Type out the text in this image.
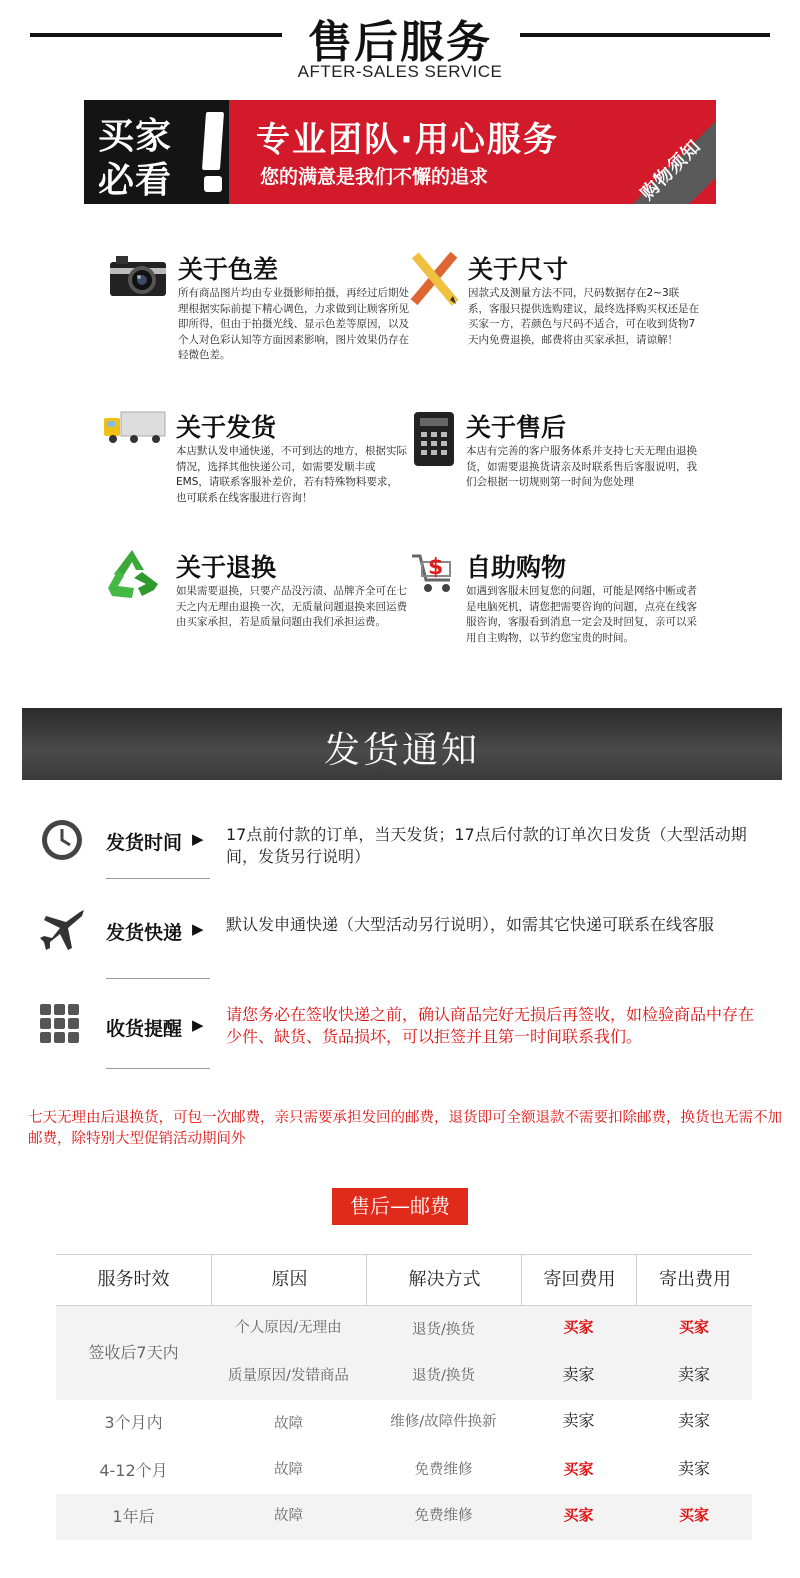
售后服务
AFTER-SALES SERVICE
买家
必看
专业团队·用心服务
您的满意是我们不懈的追求	购物须知
关于色差
所有商品图片均由专业摄影师拍摄，再经过后期处理根据实际前提下精心调色，力求做到让顾客所见即所得，但由于拍摄光线、显示色差等原因，以及个人对色彩认知等方面因素影响，图片效果仍存在轻微色差。
关于尺寸
因款式及测量方法不同，尺码数据存在2~3联系，客服只提供选购建议，最终选择购买权还是在买家一方，若颜色与尺码不适合，可在收到货物7天内免费退换，邮费将由买家承担，请谅解！
关于发货
本店默认发申通快递，不可到达的地方，根据实际情况，选择其他快递公司，如需要发顺丰或EMS，请联系客服补差价，若有特殊物料要求，也可联系在线客服进行咨询！
关于售后
本店有完善的客户服务体系并支持七天无理由退换货，如需要退换货请亲及时联系售后客服说明，我们会根据一切规则第一时间为您处理
关于退换
如果需要退换，只要产品没污渍、品牌齐全可在七天之内无理由退换一次，无质量问题退换来回运费由买家承担，若是质量问题由我们承担运费。
$ 自助购物
如遇到客服未回复您的问题，可能是网络中断或者是电脑死机，请您把需要咨询的问题，点亮在线客服咨询，客服看到消息一定会及时回复，亲可以采用自主购物，以节约您宝贵的时间。
发货通知
发货时间 ▶ 17点前付款的订单，当天发货；17点后付款的订单次日发货（大型活动期间，发货另行说明）
发货快递 ▶ 默认发申通快递（大型活动另行说明），如需其它快递可联系在线客服
收货提醒 ▶
请您务必在签收快递之前，确认商品完好无损后再签收，如检验商品中存在少件、缺货、货品损坏，可以拒签并且第一时间联系我们。
七天无理由后退换货，可包一次邮费，亲只需要承担发回的邮费，退货即可全额退款不需要扣除邮费，换货也无需不加邮费，除特别大型促销活动期间外
售后—邮费
服务时效	原因	解决方式	寄回费用	寄出费用
签收后7天内
个人原因/无理由	退货/换货	买家	买家
质量原因/发错商品	退货/换货	卖家	卖家
3个月内	故障	维修/故障件换新	卖家	卖家
4-12个月	故障	免费维修	买家	卖家
1年后	故障	免费维修	买家	买家
